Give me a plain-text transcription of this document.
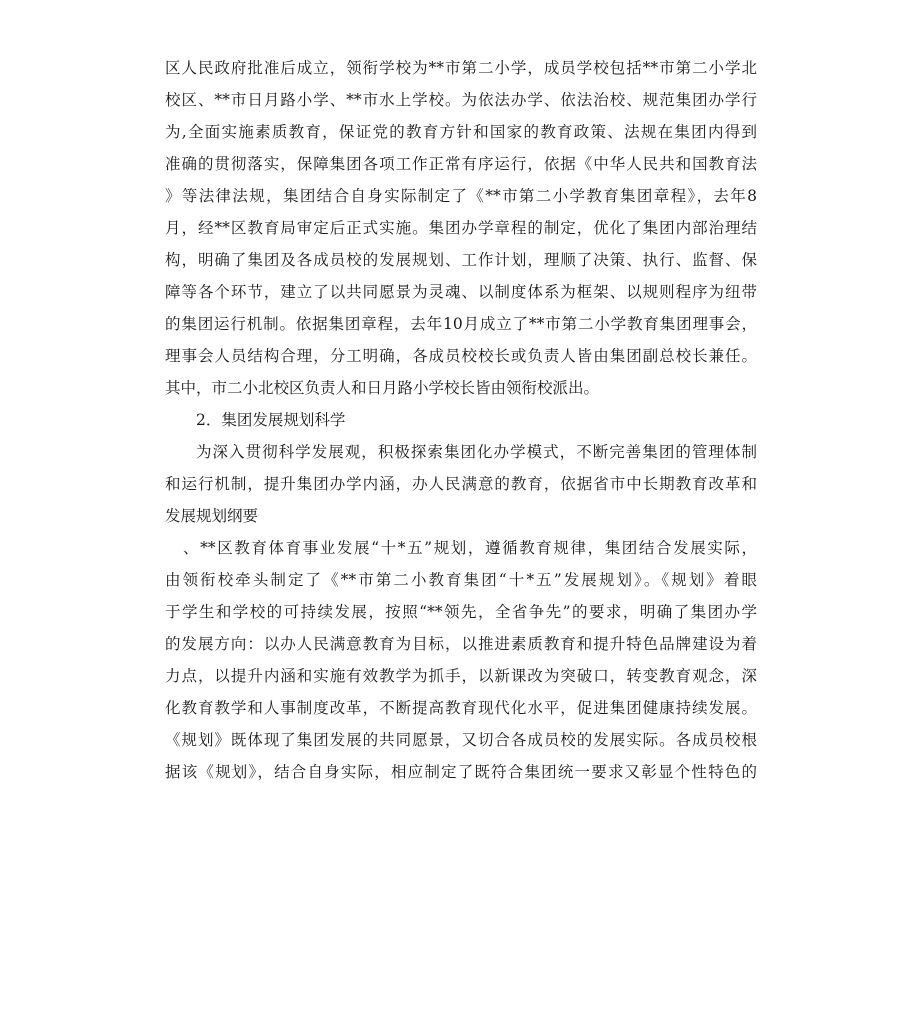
区人民政府批准后成立，领衔学校为**市第二小学，成员学校包括**市第二小学北
校区、**市日月路小学、**市水上学校。为依法办学、依法治校、规范集团办学行
为,全面实施素质教育，保证党的教育方针和国家的教育政策、法规在集团内得到
准确的贯彻落实，保障集团各项工作正常有序运行，依据《中华人民共和国教育法
》等法律法规，集团结合自身实际制定了《**市第二小学教育集团章程》，去年8
月，经**区教育局审定后正式实施。集团办学章程的制定，优化了集团内部治理结
构，明确了集团及各成员校的发展规划、工作计划，理顺了决策、执行、监督、保
障等各个环节，建立了以共同愿景为灵魂、以制度体系为框架、以规则程序为纽带
的集团运行机制。依据集团章程，去年10月成立了**市第二小学教育集团理事会，
理事会人员结构合理，分工明确，各成员校校长或负责人皆由集团副总校长兼任。
其中，市二小北校区负责人和日月路小学校长皆由领衔校派出。
2．集团发展规划科学
为深入贯彻科学发展观，积极探索集团化办学模式，不断完善集团的管理体制
和运行机制，提升集团办学内涵，办人民满意的教育，依据省市中长期教育改革和
发展规划纲要
、**区教育体育事业发展“十*五”规划，遵循教育规律，集团结合发展实际，
由领衔校牵头制定了《**市第二小教育集团“十*五”发展规划》。《规划》着眼
于学生和学校的可持续发展，按照“**领先，全省争先”的要求，明确了集团办学
的发展方向：以办人民满意教育为目标，以推进素质教育和提升特色品牌建设为着
力点，以提升内涵和实施有效教学为抓手，以新课改为突破口，转变教育观念，深
化教育教学和人事制度改革，不断提高教育现代化水平，促进集团健康持续发展。
《规划》既体现了集团发展的共同愿景，又切合各成员校的发展实际。各成员校根
据该《规划》，结合自身实际，相应制定了既符合集团统一要求又彰显个性特色的
